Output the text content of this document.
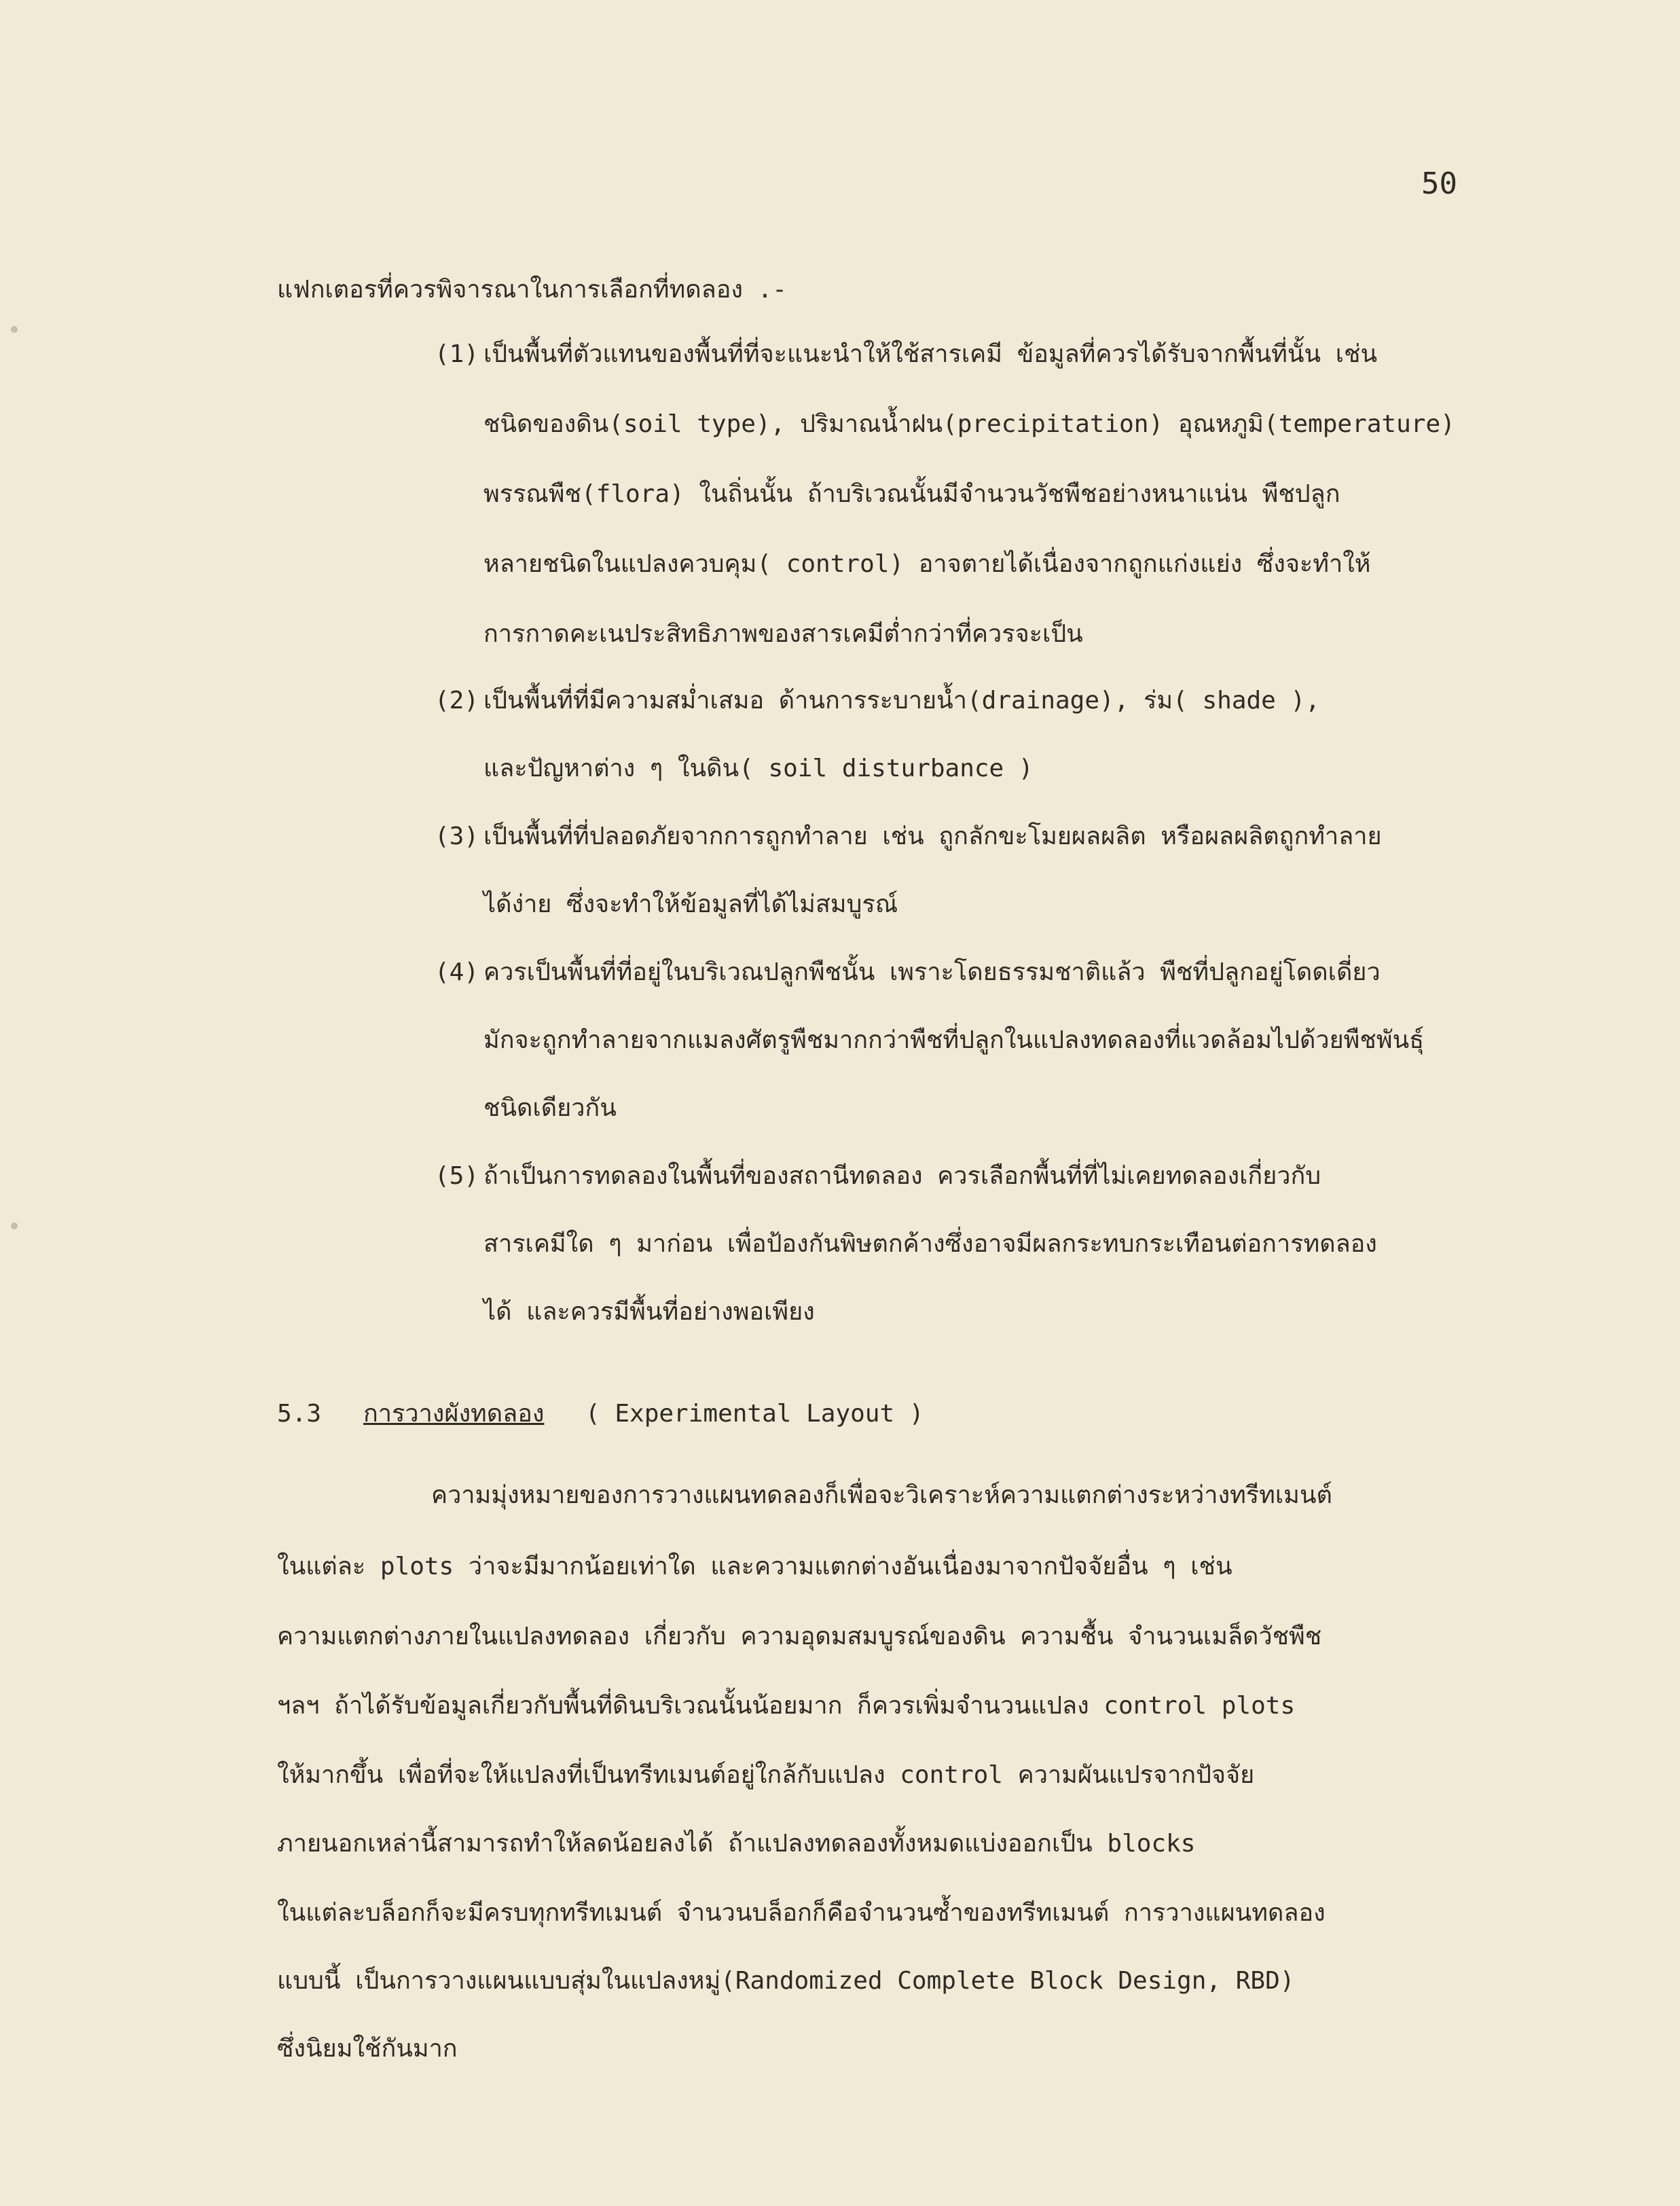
50
แฟกเตอรที่ควรพิจารณาในการเลือกที่ทดลอง .-
(1) เป็นพื้นที่ตัวแทนของพื้นที่ที่จะแนะนำให้ใช้สารเคมี ข้อมูลที่ควรได้รับจากพื้นที่นั้น เช่น
ชนิดของดิน(soil type), ปริมาณน้ำฝน(precipitation) อุณหภูมิ(temperature)
พรรณพืช(flora) ในถิ่นนั้น ถ้าบริเวณนั้นมีจำนวนวัชพืชอย่างหนาแน่น พืชปลูก
หลายชนิดในแปลงควบคุม( control) อาจตายได้เนื่องจากถูกแก่งแย่ง ซึ่งจะทำให้
การกาดคะเนประสิทธิภาพของสารเคมีต่ำกว่าที่ควรจะเป็น
(2) เป็นพื้นที่ที่มีความสม่ำเสมอ ด้านการระบายน้ำ(drainage), ร่ม( shade ),
และปัญหาต่าง ๆ ในดิน( soil disturbance )
(3) เป็นพื้นที่ที่ปลอดภัยจากการถูกทำลาย เช่น ถูกลักขะโมยผลผลิต หรือผลผลิตถูกทำลาย
ได้ง่าย ซึ่งจะทำให้ข้อมูลที่ได้ไม่สมบูรณ์
(4) ควรเป็นพื้นที่ที่อยู่ในบริเวณปลูกพืชนั้น เพราะโดยธรรมชาติแล้ว พืชที่ปลูกอยู่โดดเดี่ยว
มักจะถูกทำลายจากแมลงศัตรูพืชมากกว่าพืชที่ปลูกในแปลงทดลองที่แวดล้อมไปด้วยพืชพันธุ์
ชนิดเดียวกัน
(5) ถ้าเป็นการทดลองในพื้นที่ของสถานีทดลอง ควรเลือกพื้นที่ที่ไม่เคยทดลองเกี่ยวกับ
สารเคมีใด ๆ มาก่อน เพื่อป้องกันพิษตกค้างซึ่งอาจมีผลกระทบกระเทือนต่อการทดลอง
ได้ และควรมีพื้นที่อย่างพอเพียง
5.3 การวางผังทดลอง ( Experimental Layout )
ความมุ่งหมายของการวางแผนทดลองก็เพื่อจะวิเคราะห์ความแตกต่างระหว่างทรีทเมนต์
ในแต่ละ plots ว่าจะมีมากน้อยเท่าใด และความแตกต่างอันเนื่องมาจากปัจจัยอื่น ๆ เช่น
ความแตกต่างภายในแปลงทดลอง เกี่ยวกับ ความอุดมสมบูรณ์ของดิน ความชื้น จำนวนเมล็ดวัชพืช
ฯลฯ ถ้าได้รับข้อมูลเกี่ยวกับพื้นที่ดินบริเวณนั้นน้อยมาก ก็ควรเพิ่มจำนวนแปลง control plots
ให้มากขึ้น เพื่อที่จะให้แปลงที่เป็นทรีทเมนต์อยู่ใกล้กับแปลง control ความผันแปรจากปัจจัย
ภายนอกเหล่านี้สามารถทำให้ลดน้อยลงได้ ถ้าแปลงทดลองทั้งหมดแบ่งออกเป็น blocks
ในแต่ละบล็อกก็จะมีครบทุกทรีทเมนต์ จำนวนบล็อกก็คือจำนวนซ้ำของทรีทเมนต์ การวางแผนทดลอง
แบบนี้ เป็นการวางแผนแบบสุ่มในแปลงหมู่(Randomized Complete Block Design, RBD)
ซึ่งนิยมใช้กันมาก
